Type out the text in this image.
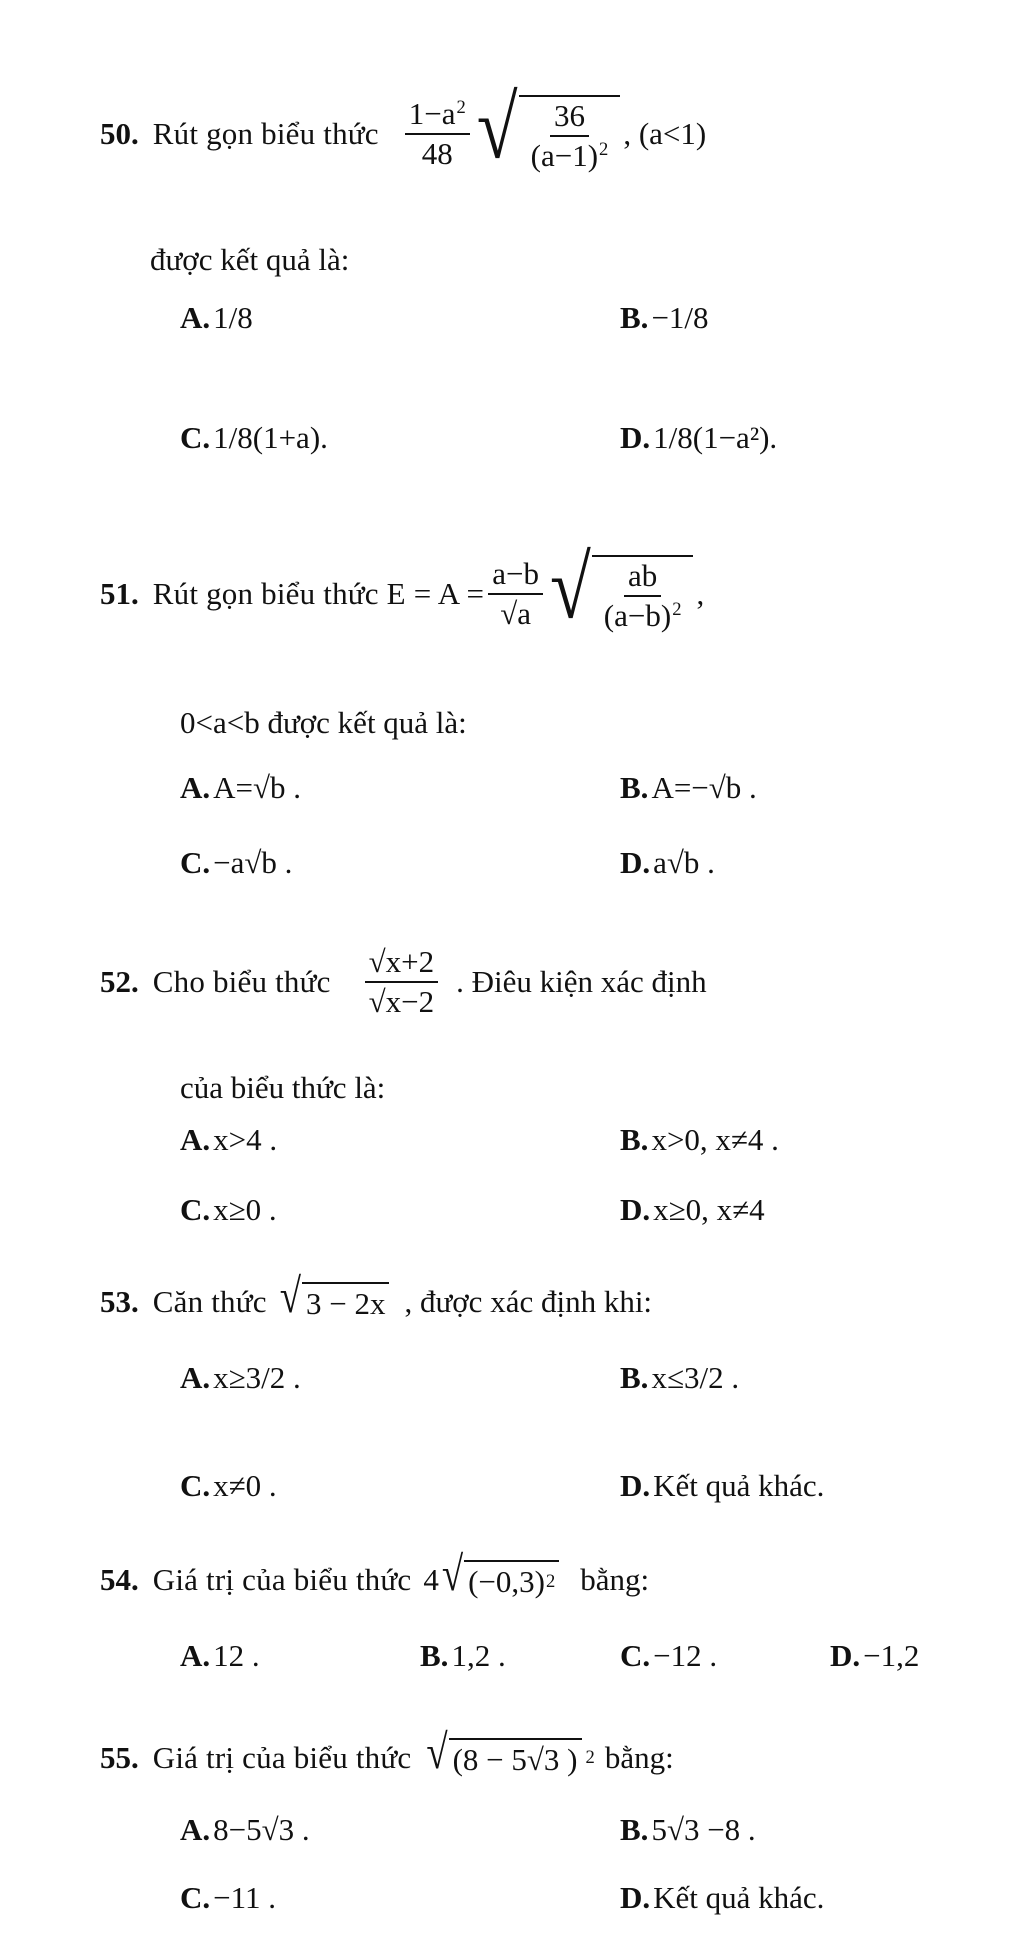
50. Rút gọn biểu thức $\frac{1-a^2}{48}$ √ $\frac{36}{(a-1)^2}$ , (a<1)
được kết quả là:
A. 1/8	B. −1/8
C. 1/8(1+a).	D. 1/8(1−a²).
51. Rút gọn biểu thức $E = A = \frac{a-b}{√a}$ √ $\frac{ab}{(a-b)^2}$ ,
0<a<b được kết quả là:
A. A=√b .	B. A=−√b .
C. −a√b .	D. a√b .
52. Cho biểu thức $\frac{√x+2}{√x-2}$ . Điêu kiện xác định
của biểu thức là:
A. x>4 .	B. x>0, x≠4 .
C. x≥0 .	D. x≥0, x≠4
53. Căn thức √ 3 − 2x , được xác định khi:
A. x≥3/2 .	B. x≤3/2 .
C. x≠0 .	D. Kết quả khác.
54. Giá trị của biểu thức 4 √ (−0,3) 2 bằng:
A. 12 .	B. 1,2 .	C. −12 .	D. −1,2
55. Giá trị của biểu thức √ (8 − 5√3 ) 2 bằng:
A. 8−5√3 .	B. 5√3 −8 .
C. −11 .	D. Kết quả khác.
